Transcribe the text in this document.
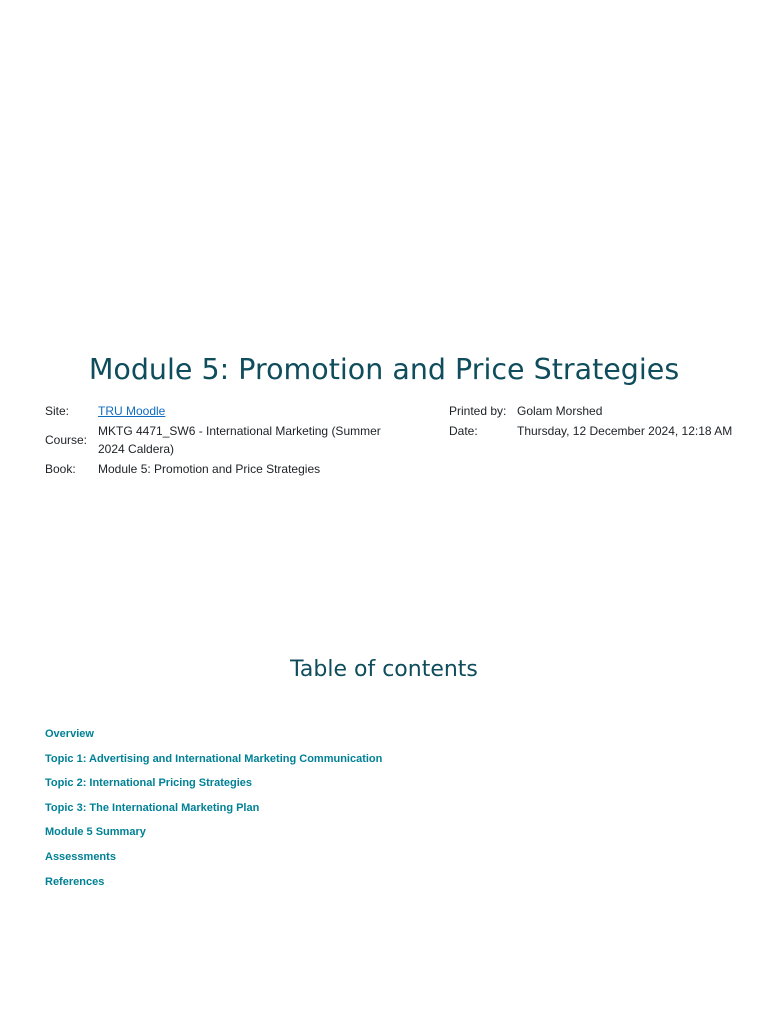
Module 5: Promotion and Price Strategies
Site:	TRU Moodle
Course:
MKTG 4471_SW6 - International Marketing (Summer 2024 Caldera)
Book:	Module 5: Promotion and Price Strategies
Printed by: Golam Morshed
Date:	Thursday, 12 December 2024, 12:18 AM
Table of contents
Overview
Topic 1: Advertising and International Marketing Communication
Topic 2: International Pricing Strategies
Topic 3: The International Marketing Plan
Module 5 Summary
Assessments
References
